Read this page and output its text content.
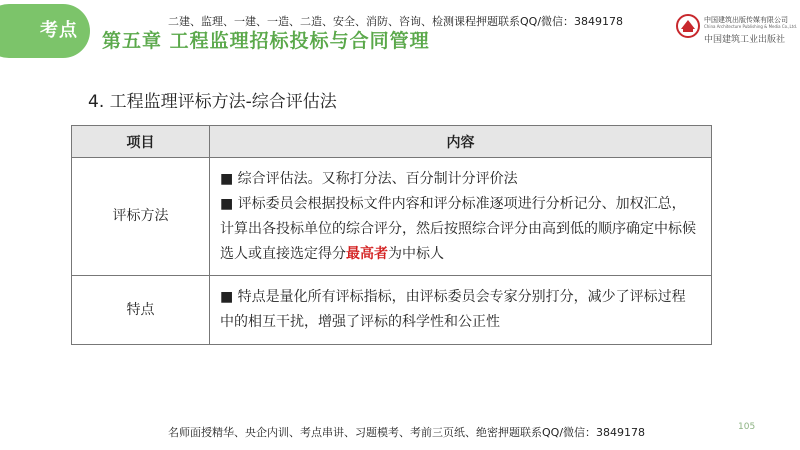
考点 第五章 工程监理招标投标与合同管理
二建、监理、一建、一造、二造、安全、消防、咨询、检测课程押题联系QQ/微信：3849178	中国建筑出版传媒有限公司
China Architecture Publishing & Media Co.,Ltd.
中国建筑工业出版社
4. 工程监理评标方法-综合评估法
项目	内容
评标方法	■ 综合评估法。又称打分法、百分制计分评价法
■ 评标委员会根据投标文件内容和评分标准逐项进行分析记分、加权汇总，计算出各投标单位的综合评分，然后按照综合评分由高到低的顺序确定中标候选人或直接选定得分最高者为中标人

特点	■ 特点是量化所有评标指标，由评标委员会专家分别打分，减少了评标过程中的相互干扰，增强了评标的科学性和公正性
名师面授精华、央企内训、考点串讲、习题模考、考前三页纸、绝密押题联系QQ/微信：3849178	105
